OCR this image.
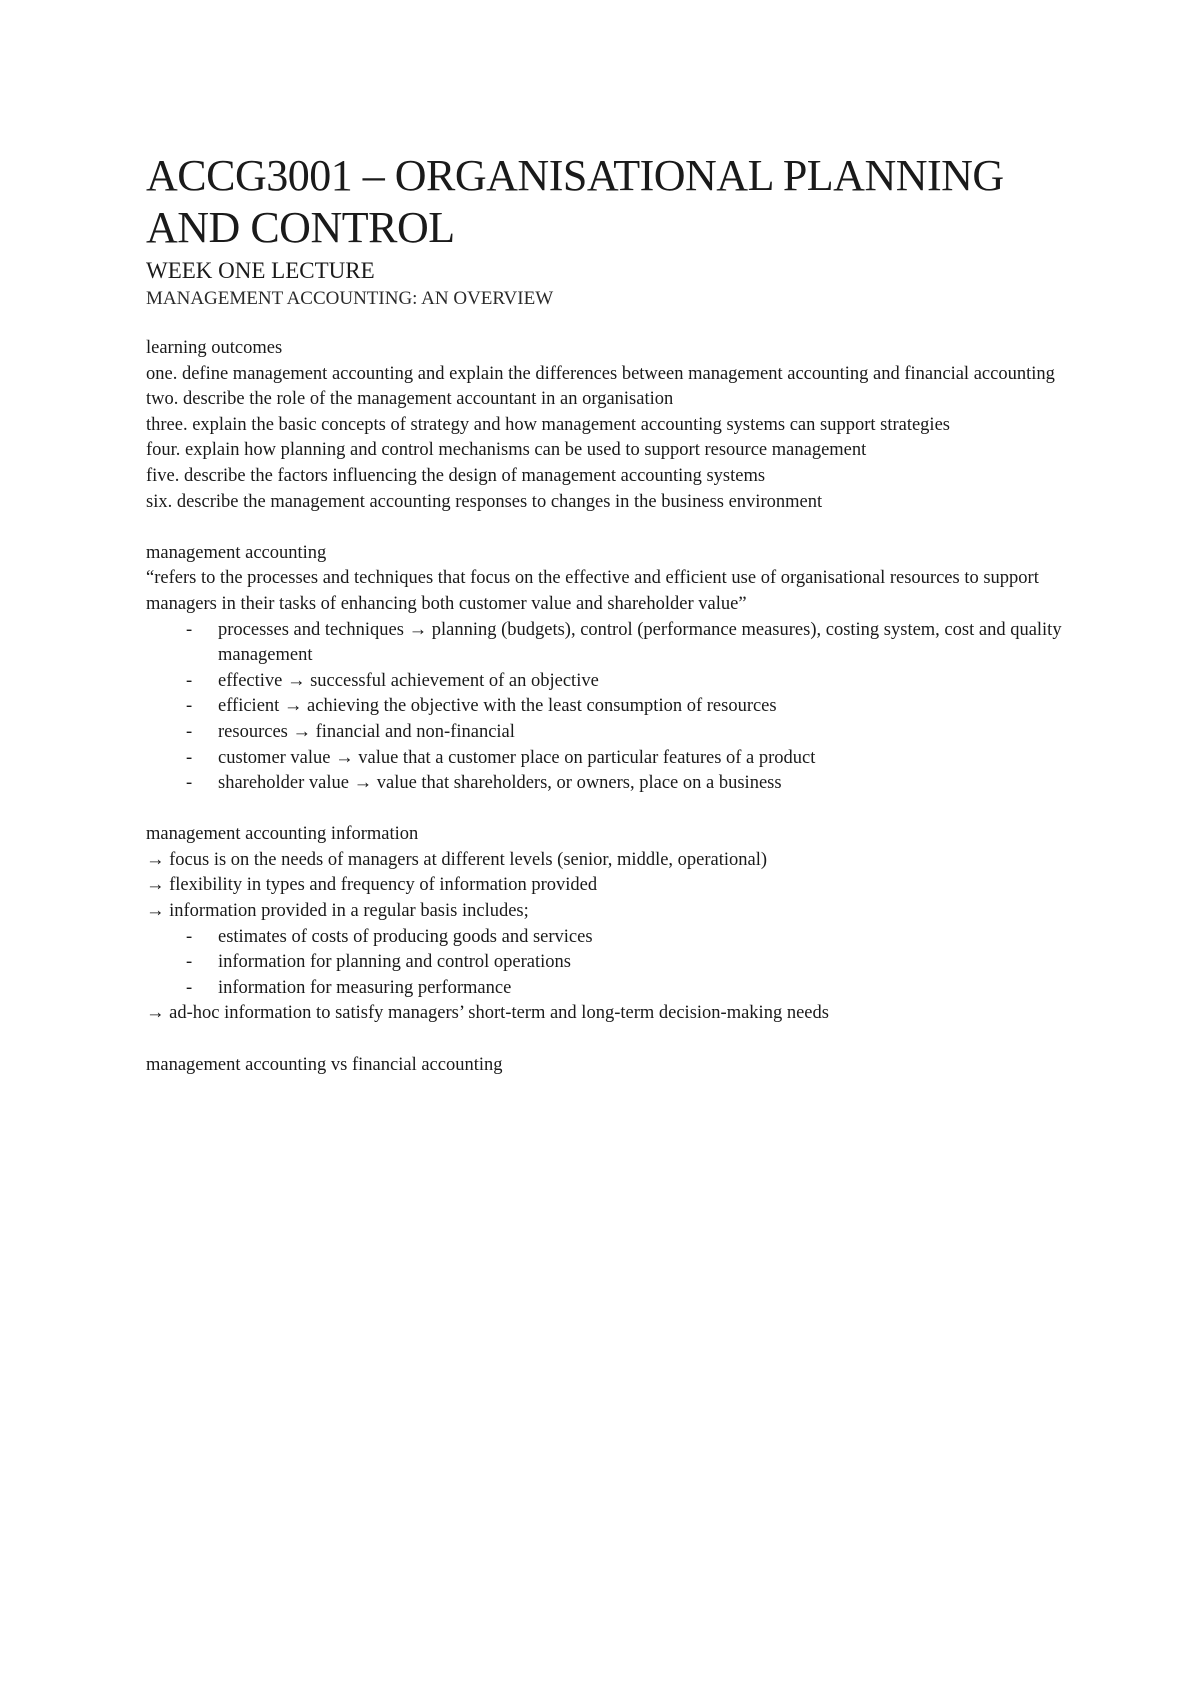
ACCG3001 – ORGANISATIONAL PLANNING AND CONTROL
WEEK ONE LECTURE
MANAGEMENT ACCOUNTING: AN OVERVIEW

learning outcomes

one. define management accounting and explain the differences between management accounting and financial accounting

two. describe the role of the management accountant in an organisation

three. explain the basic concepts of strategy and how management accounting systems can support strategies

four. explain how planning and control mechanisms can be used to support resource management

five. describe the factors influencing the design of management accounting systems

six. describe the management accounting responses to changes in the business environment

management accounting

“refers to the processes and techniques that focus on the effective and efficient use of organisational resources to support managers in their tasks of enhancing both customer value and shareholder value”

- processes and techniques → planning (budgets), control (performance measures), costing system, cost and quality management
- effective → successful achievement of an objective
- efficient → achieving the objective with the least consumption of resources
- resources → financial and non-financial
- customer value → value that a customer place on particular features of a product
- shareholder value → value that shareholders, or owners, place on a business

management accounting information

→ focus is on the needs of managers at different levels (senior, middle, operational)

→ flexibility in types and frequency of information provided

→ information provided in a regular basis includes;

- estimates of costs of producing goods and services
- information for planning and control operations
- information for measuring performance

→ ad-hoc information to satisfy managers’ short-term and long-term decision-making needs

management accounting vs financial accounting
